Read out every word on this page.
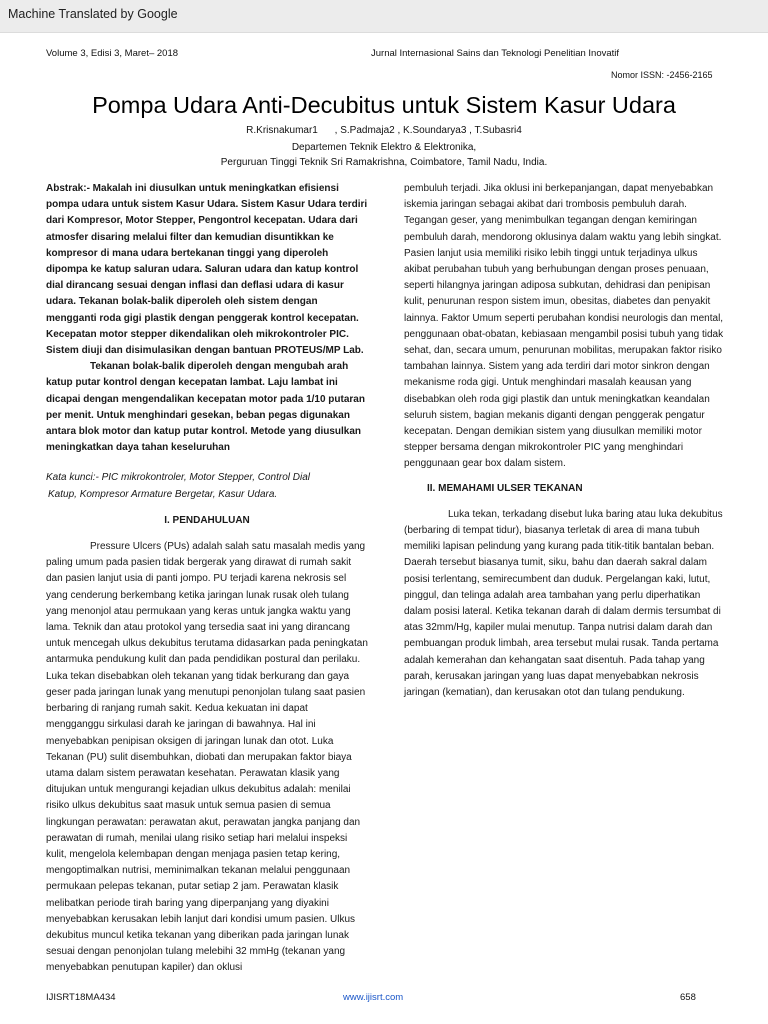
Machine Translated by Google
Volume 3, Edisi 3, Maret– 2018	Jurnal Internasional Sains dan Teknologi Penelitian Inovatif
Nomor ISSN: -2456-2165
Pompa Udara Anti-Decubitus untuk Sistem Kasur Udara
R.Krisnakumar1 , S.Padmaja2 , K.Soundarya3 , T.Subasri4
Departemen Teknik Elektro & Elektronika,
Perguruan Tinggi Teknik Sri Ramakrishna, Coimbatore, Tamil Nadu, India.

Abstrak:- Makalah ini diusulkan untuk meningkatkan efisiensi pompa udara untuk sistem Kasur Udara. Sistem Kasur Udara terdiri dari Kompresor, Motor Stepper, Pengontrol kecepatan. Udara dari atmosfer disaring melalui filter dan kemudian disuntikkan ke kompresor di mana udara bertekanan tinggi yang diperoleh dipompa ke katup saluran udara. Saluran udara dan katup kontrol dial dirancang sesuai dengan inflasi dan deflasi udara di kasur udara. Tekanan bolak-balik diperoleh oleh sistem dengan mengganti roda gigi plastik dengan penggerak kontrol kecepatan. Kecepatan motor stepper dikendalikan oleh mikrokontroler PIC. Sistem diuji dan disimulasikan dengan bantuan PROTEUS/MP Lab.

Tekanan bolak-balik diperoleh dengan mengubah arah katup putar kontrol dengan kecepatan lambat. Laju lambat ini dicapai dengan mengendalikan kecepatan motor pada 1/10 putaran per menit. Untuk menghindari gesekan, beban pegas digunakan antara blok motor dan katup putar kontrol. Metode yang diusulkan meningkatkan daya tahan keseluruhan

Kata kunci:- PIC mikrokontroler, Motor Stepper, Control Dial

Katup, Kompresor Armature Bergetar, Kasur Udara.

I. PENDAHULUAN

Pressure Ulcers (PUs) adalah salah satu masalah medis yang paling umum pada pasien tidak bergerak yang dirawat di rumah sakit dan pasien lanjut usia di panti jompo. PU terjadi karena nekrosis sel yang cenderung berkembang ketika jaringan lunak rusak oleh tulang yang menonjol atau permukaan yang keras untuk jangka waktu yang lama. Teknik dan atau protokol yang tersedia saat ini yang dirancang untuk mencegah ulkus dekubitus terutama didasarkan pada peningkatan antarmuka pendukung kulit dan pada pendidikan postural dan perilaku. Luka tekan disebabkan oleh tekanan yang tidak berkurang dan gaya geser pada jaringan lunak yang menutupi penonjolan tulang saat pasien berbaring di ranjang rumah sakit. Kedua kekuatan ini dapat mengganggu sirkulasi darah ke jaringan di bawahnya. Hal ini menyebabkan penipisan oksigen di jaringan lunak dan otot. Luka Tekanan (PU) sulit disembuhkan, diobati dan merupakan faktor biaya utama dalam sistem perawatan kesehatan. Perawatan klasik yang ditujukan untuk mengurangi kejadian ulkus dekubitus adalah: menilai risiko ulkus dekubitus saat masuk untuk semua pasien di semua lingkungan perawatan: perawatan akut, perawatan jangka panjang dan perawatan di rumah, menilai ulang risiko setiap hari melalui inspeksi kulit, mengelola kelembapan dengan menjaga pasien tetap kering, mengoptimalkan nutrisi, meminimalkan tekanan melalui penggunaan permukaan pelepas tekanan, putar setiap 2 jam. Perawatan klasik melibatkan periode tirah baring yang diperpanjang yang diyakini menyebabkan kerusakan lebih lanjut dari kondisi umum pasien. Ulkus dekubitus muncul ketika tekanan yang diberikan pada jaringan lunak sesuai dengan penonjolan tulang melebihi 32 mmHg (tekanan yang menyebabkan penutupan kapiler) dan oklusi

pembuluh terjadi. Jika oklusi ini berkepanjangan, dapat menyebabkan iskemia jaringan sebagai akibat dari trombosis pembuluh darah. Tegangan geser, yang menimbulkan tegangan dengan kemiringan pembuluh darah, mendorong oklusinya dalam waktu yang lebih singkat. Pasien lanjut usia memiliki risiko lebih tinggi untuk terjadinya ulkus akibat perubahan tubuh yang berhubungan dengan proses penuaan, seperti hilangnya jaringan adiposa subkutan, dehidrasi dan penipisan kulit, penurunan respon sistem imun, obesitas, diabetes dan penyakit lainnya. Faktor Umum seperti perubahan kondisi neurologis dan mental, penggunaan obat-obatan, kebiasaan mengambil posisi tubuh yang tidak sehat, dan, secara umum, penurunan mobilitas, merupakan faktor risiko tambahan lainnya. Sistem yang ada terdiri dari motor sinkron dengan mekanisme roda gigi. Untuk menghindari masalah keausan yang disebabkan oleh roda gigi plastik dan untuk meningkatkan keandalan seluruh sistem, bagian mekanis diganti dengan penggerak pengatur kecepatan. Dengan demikian sistem yang diusulkan memiliki motor stepper bersama dengan mikrokontroler PIC yang menghindari penggunaan gear box dalam sistem.

II. MEMAHAMI ULSER TEKANAN

Luka tekan, terkadang disebut luka baring atau luka dekubitus (berbaring di tempat tidur), biasanya terletak di area di mana tubuh memiliki lapisan pelindung yang kurang pada titik-titik bantalan beban. Daerah tersebut biasanya tumit, siku, bahu dan daerah sakral dalam posisi terlentang, semirecumbent dan duduk. Pergelangan kaki, lutut, pinggul, dan telinga adalah area tambahan yang perlu diperhatikan dalam posisi lateral. Ketika tekanan darah di dalam dermis tersumbat di atas 32mm/Hg, kapiler mulai menutup. Tanpa nutrisi dalam darah dan pembuangan produk limbah, area tersebut mulai rusak. Tanda pertama adalah kemerahan dan kehangatan saat disentuh. Pada tahap yang parah, kerusakan jaringan yang luas dapat menyebabkan nekrosis jaringan (kematian), dan kerusakan otot dan tulang pendukung.

IJISRT18MA434	www.ijisrt.com	658
